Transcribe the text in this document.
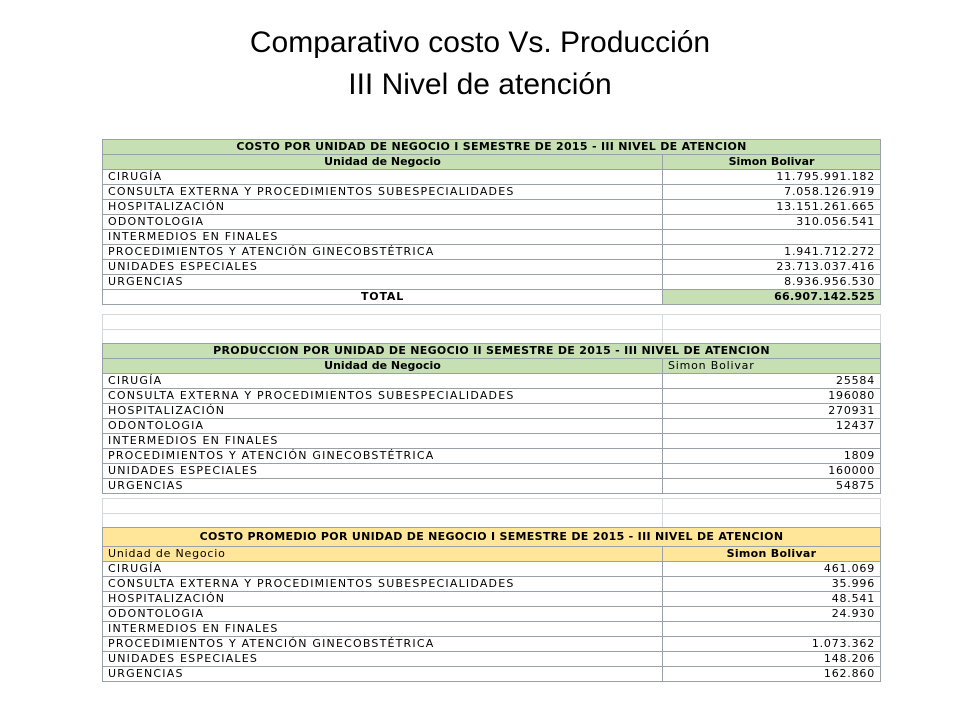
Comparativo costo Vs. Producción
III Nivel de atención
COSTO POR UNIDAD DE NEGOCIO I SEMESTRE DE 2015 - III NIVEL DE ATENCION	
Unidad de Negocio	Simon Bolivar
CIRUGÍA	11.795.991.182
CONSULTA EXTERNA Y PROCEDIMIENTOS SUBESPECIALIDADES	7.058.126.919
HOSPITALIZACIÓN	13.151.261.665
ODONTOLOGIA	310.056.541
INTERMEDIOS EN FINALES	
PROCEDIMIENTOS Y ATENCIÓN GINECOBSTÉTRICA	1.941.712.272
UNIDADES ESPECIALES	23.713.037.416
URGENCIAS	8.936.956.530
TOTAL	66.907.142.525

PRODUCCION POR UNIDAD DE NEGOCIO II SEMESTRE DE 2015 - III NIVEL DE ATENCION	
Unidad de Negocio	Simon Bolivar
CIRUGÍA	25584
CONSULTA EXTERNA Y PROCEDIMIENTOS SUBESPECIALIDADES	196080
HOSPITALIZACIÓN	270931
ODONTOLOGIA	12437
INTERMEDIOS EN FINALES	
PROCEDIMIENTOS Y ATENCIÓN GINECOBSTÉTRICA	1809
UNIDADES ESPECIALES	160000
URGENCIAS	54875

COSTO PROMEDIO POR UNIDAD DE NEGOCIO I SEMESTRE DE 2015 - III NIVEL DE ATENCION	
Unidad de Negocio	Simon Bolivar
CIRUGÍA	461.069
CONSULTA EXTERNA Y PROCEDIMIENTOS SUBESPECIALIDADES	35.996
HOSPITALIZACIÓN	48.541
ODONTOLOGIA	24.930
INTERMEDIOS EN FINALES	
PROCEDIMIENTOS Y ATENCIÓN GINECOBSTÉTRICA	1.073.362
UNIDADES ESPECIALES	148.206
URGENCIAS	162.860
